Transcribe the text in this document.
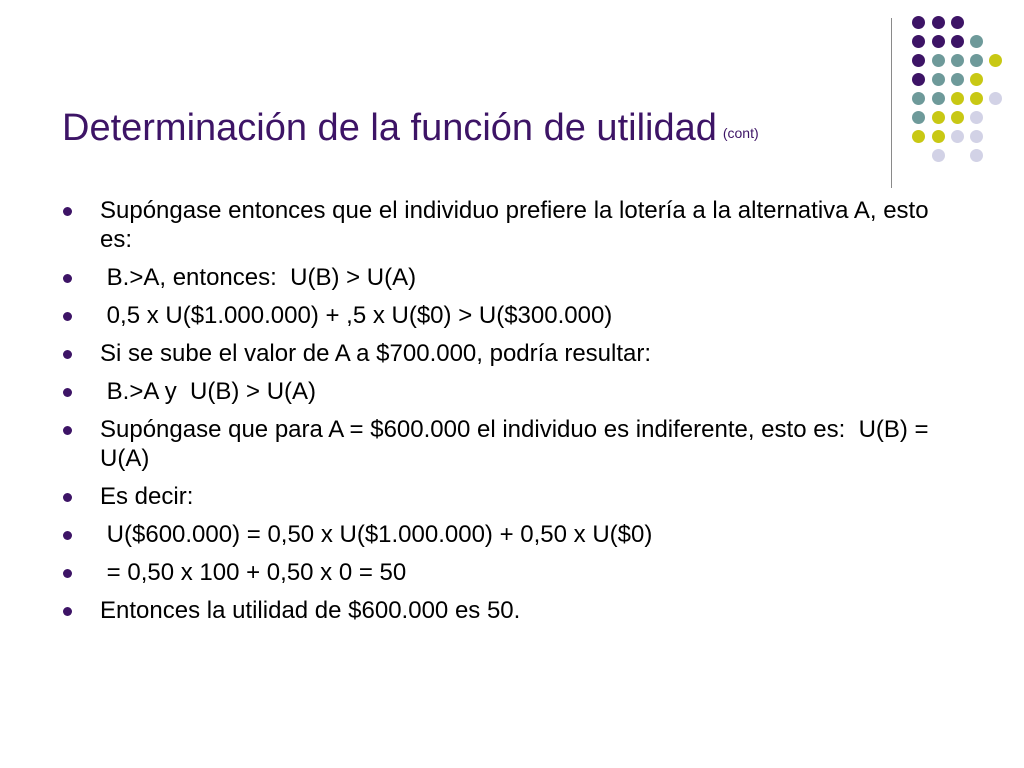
Determinación de la función de utilidad (cont)
Supóngase entonces que el individuo prefiere la lotería a la alternativa A, esto es:
B.>A, entonces:  U(B) > U(A)
0,5 x U($1.000.000) + ,5 x U($0) > U($300.000)
Si se sube el valor de A a $700.000, podría resultar:
B.>A y  U(B) > U(A)
Supóngase que para A = $600.000 el individuo es indiferente, esto es:  U(B) = U(A)
Es decir:
U($600.000) = 0,50 x U($1.000.000) + 0,50 x U($0)
= 0,50 x 100 + 0,50 x 0 = 50
Entonces la utilidad de $600.000 es 50.
